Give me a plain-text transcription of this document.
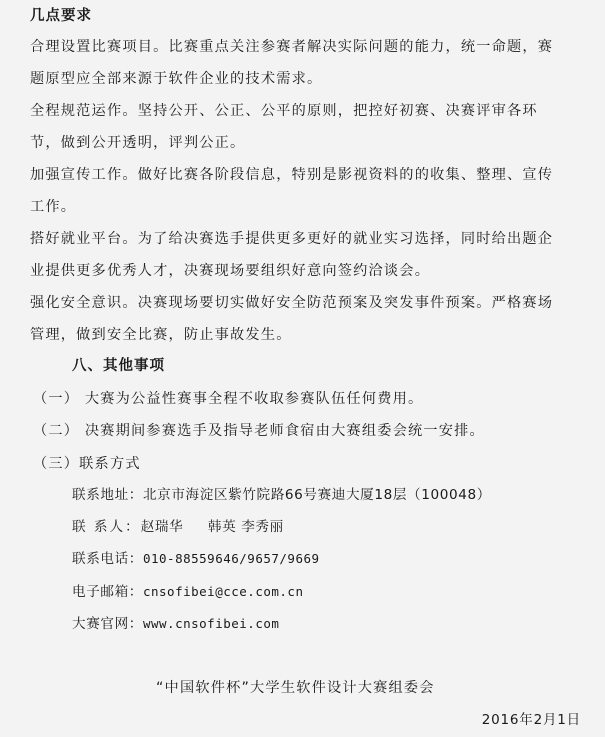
几点要求
合理设置比赛项目。比赛重点关注参赛者解决实际问题的能力，统一命题，赛
题原型应全部来源于软件企业的技术需求。
全程规范运作。坚持公开、公正、公平的原则，把控好初赛、决赛评审各环
节，做到公开透明，评判公正。
加强宣传工作。做好比赛各阶段信息，特别是影视资料的的收集、整理、宣传
工作。
搭好就业平台。为了给决赛选手提供更多更好的就业实习选择，同时给出题企
业提供更多优秀人才，决赛现场要组织好意向签约洽谈会。
强化安全意识。决赛现场要切实做好安全防范预案及突发事件预案。严格赛场
管理，做到安全比赛，防止事故发生。
八、其他事项
（一） 大赛为公益性赛事全程不收取参赛队伍任何费用。
（二） 决赛期间参赛选手及指导老师食宿由大赛组委会统一安排。
（三）联系方式
联系地址：北京市海淀区紫竹院路66号赛迪大厦18层（100048）
联 系人：赵瑞华     韩英 李秀丽
联系电话：010-88559646/9657/9669
电子邮箱：cnsofibei@cce.com.cn
大赛官网：www.cnsofibei.com
“中国软件杯”大学生软件设计大赛组委会
2016年2月1日
